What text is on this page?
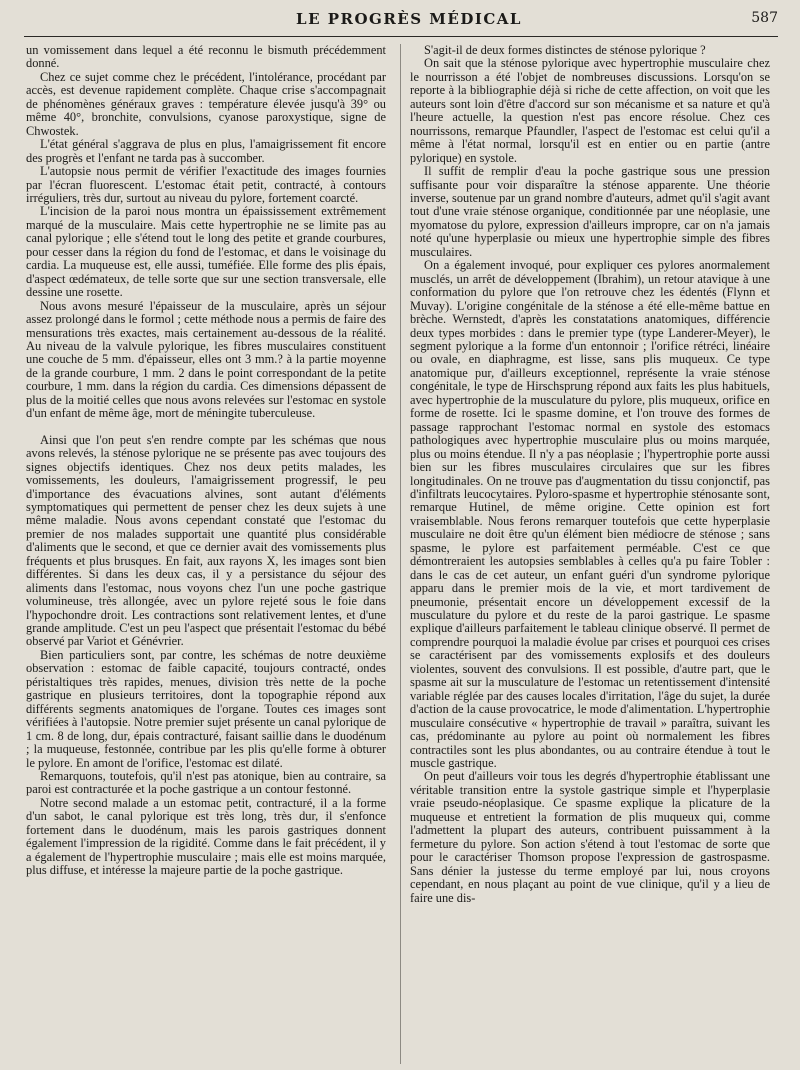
LE PROGRÈS MÉDICAL	587

un vomissement dans lequel a été reconnu le bismuth précédemment donné.

Chez ce sujet comme chez le précédent, l'intolérance, procédant par accès, est devenue rapidement complète. Chaque crise s'accompagnait de phénomènes généraux graves : température élevée jusqu'à 39° ou même 40°, bronchite, convulsions, cyanose paroxystique, signe de Chwostek.

L'état général s'aggrava de plus en plus, l'amaigrissement fit encore des progrès et l'enfant ne tarda pas à succomber.

L'autopsie nous permit de vérifier l'exactitude des images fournies par l'écran fluorescent. L'estomac était petit, contracté, à contours irréguliers, très dur, surtout au niveau du pylore, fortement coarcté.

L'incision de la paroi nous montra un épaississement extrêmement marqué de la musculaire. Mais cette hypertrophie ne se limite pas au canal pylorique ; elle s'étend tout le long des petite et grande courbures, pour cesser dans la région du fond de l'estomac, et dans le voisinage du cardia. La muqueuse est, elle aussi, tuméfiée. Elle forme des plis épais, d'aspect œdémateux, de telle sorte que sur une section transversale, elle dessine une rosette.

Nous avons mesuré l'épaisseur de la musculaire, après un séjour assez prolongé dans le formol ; cette méthode nous a permis de faire des mensurations très exactes, mais certainement au-dessous de la réalité. Au niveau de la valvule pylorique, les fibres musculaires constituent une couche de 5 mm. d'épaisseur, elles ont 3 mm.? à la partie moyenne de la grande courbure, 1 mm. 2 dans le point correspondant de la petite courbure, 1 mm. dans la région du cardia. Ces dimensions dépassent de plus de la moitié celles que nous avons relevées sur l'estomac en systole d'un enfant de même âge, mort de méningite tuberculeuse.

Ainsi que l'on peut s'en rendre compte par les schémas que nous avons relevés, la sténose pylorique ne se présente pas avec toujours des signes objectifs identiques. Chez nos deux petits malades, les vomissements, les douleurs, l'amaigrissement progressif, le peu d'importance des évacuations alvines, sont autant d'éléments symptomatiques qui permettent de penser chez les deux sujets à une même maladie. Nous avons cependant constaté que l'estomac du premier de nos malades supportait une quantité plus considérable d'aliments que le second, et que ce dernier avait des vomissements plus fréquents et plus brusques. En fait, aux rayons X, les images sont bien différentes. Si dans les deux cas, il y a persistance du séjour des aliments dans l'estomac, nous voyons chez l'un une poche gastrique volumineuse, très allongée, avec un pylore rejeté sous le foie dans l'hypochondre droit. Les contractions sont relativement lentes, et d'une grande amplitude. C'est un peu l'aspect que présentait l'estomac du bébé observé par Variot et Génévrier.

Bien particuliers sont, par contre, les schémas de notre deuxième observation : estomac de faible capacité, toujours contracté, ondes péristaltiques très rapides, menues, division très nette de la poche gastrique en plusieurs territoires, dont la topographie répond aux différents segments anatomiques de l'organe. Toutes ces images sont vérifiées à l'autopsie. Notre premier sujet présente un canal pylorique de 1 cm. 8 de long, dur, épais contracturé, faisant saillie dans le duodénum ; la muqueuse, festonnée, contribue par les plis qu'elle forme à obturer le pylore. En amont de l'orifice, l'estomac est dilaté.

Remarquons, toutefois, qu'il n'est pas atonique, bien au contraire, sa paroi est contracturée et la poche gastrique a un contour festonné.

Notre second malade a un estomac petit, contracturé, il a la forme d'un sabot, le canal pylorique est très long, très dur, il s'enfonce fortement dans le duodénum, mais les parois gastriques donnent également l'impression de la rigidité. Comme dans le fait précédent, il y a également de l'hypertrophie musculaire ; mais elle est moins marquée, plus diffuse, et intéresse la majeure partie de la poche gastrique.

S'agit-il de deux formes distinctes de sténose pylorique ?

On sait que la sténose pylorique avec hypertrophie musculaire chez le nourrisson a été l'objet de nombreuses discussions. Lorsqu'on se reporte à la bibliographie déjà si riche de cette affection, on voit que les auteurs sont loin d'être d'accord sur son mécanisme et sa nature et qu'à l'heure actuelle, la question n'est pas encore résolue. Chez ces nourrissons, remarque Pfaundler, l'aspect de l'estomac est celui qu'il a même à l'état normal, lorsqu'il est en entier ou en partie (antre pylorique) en systole.

Il suffit de remplir d'eau la poche gastrique sous une pression suffisante pour voir disparaître la sténose apparente. Une théorie inverse, soutenue par un grand nombre d'auteurs, admet qu'il s'agit avant tout d'une vraie sténose organique, conditionnée par une néoplasie, une myomatose du pylore, expression d'ailleurs impropre, car on n'a jamais noté qu'une hyperplasie ou mieux une hypertrophie simple des fibres musculaires.

On a également invoqué, pour expliquer ces pylores anormalement musclés, un arrêt de développement (Ibrahim), un retour atavique à une conformation du pylore que l'on retrouve chez les édentés (Flynn et Muvay). L'origine congénitale de la sténose a été elle-même battue en brèche. Wernstedt, d'après les constatations anatomiques, différencie deux types morbides : dans le premier type (type Landerer-Meyer), le segment pylorique a la forme d'un entonnoir ; l'orifice rétréci, linéaire ou ovale, en diaphragme, est lisse, sans plis muqueux. Ce type anatomique pur, d'ailleurs exceptionnel, représente la vraie sténose congénitale, le type de Hirschsprung répond aux faits les plus habituels, avec hypertrophie de la musculature du pylore, plis muqueux, orifice en forme de rosette. Ici le spasme domine, et l'on trouve des formes de passage rapprochant l'estomac normal en systole des estomacs pathologiques avec hypertrophie musculaire plus ou moins marquée, plus ou moins étendue. Il n'y a pas néoplasie ; l'hypertrophie porte aussi bien sur les fibres musculaires circulaires que sur les fibres longitudinales. On ne trouve pas d'augmentation du tissu conjonctif, pas d'infiltrats leucocytaires. Pyloro-spasme et hypertrophie sténosante sont, remarque Hutinel, de même origine. Cette opinion est fort vraisemblable. Nous ferons remarquer toutefois que cette hyperplasie musculaire ne doit être qu'un élément bien médiocre de sténose ; sans spasme, le pylore est parfaitement perméable. C'est ce que démontreraient les autopsies semblables à celles qu'a pu faire Tobler : dans le cas de cet auteur, un enfant guéri d'un syndrome pylorique apparu dans le premier mois de la vie, et mort tardivement de pneumonie, présentait encore un développement excessif de la musculature du pylore et du reste de la paroi gastrique. Le spasme explique d'ailleurs parfaitement le tableau clinique observé. Il permet de comprendre pourquoi la maladie évolue par crises et pourquoi ces crises se caractérisent par des vomissements explosifs et des douleurs violentes, souvent des convulsions. Il est possible, d'autre part, que le spasme ait sur la musculature de l'estomac un retentissement d'intensité variable réglée par des causes locales d'irritation, l'âge du sujet, la durée d'action de la cause provocatrice, le mode d'alimentation. L'hypertrophie musculaire consécutive « hypertrophie de travail » paraîtra, suivant les cas, prédominante au pylore au point où normalement les fibres contractiles sont les plus abondantes, ou au contraire étendue à tout le muscle gastrique.

On peut d'ailleurs voir tous les degrés d'hypertrophie établissant une véritable transition entre la systole gastrique simple et l'hyperplasie vraie pseudo-néoplasique. Ce spasme explique la plicature de la muqueuse et entretient la formation de plis muqueux qui, comme l'admettent la plupart des auteurs, contribuent puissamment à la fermeture du pylore. Son action s'étend à tout l'estomac de sorte que pour le caractériser Thomson propose l'expression de gastrospasme. Sans dénier la justesse du terme employé par lui, nous croyons cependant, en nous plaçant au point de vue clinique, qu'il y a lieu de faire une dis-
